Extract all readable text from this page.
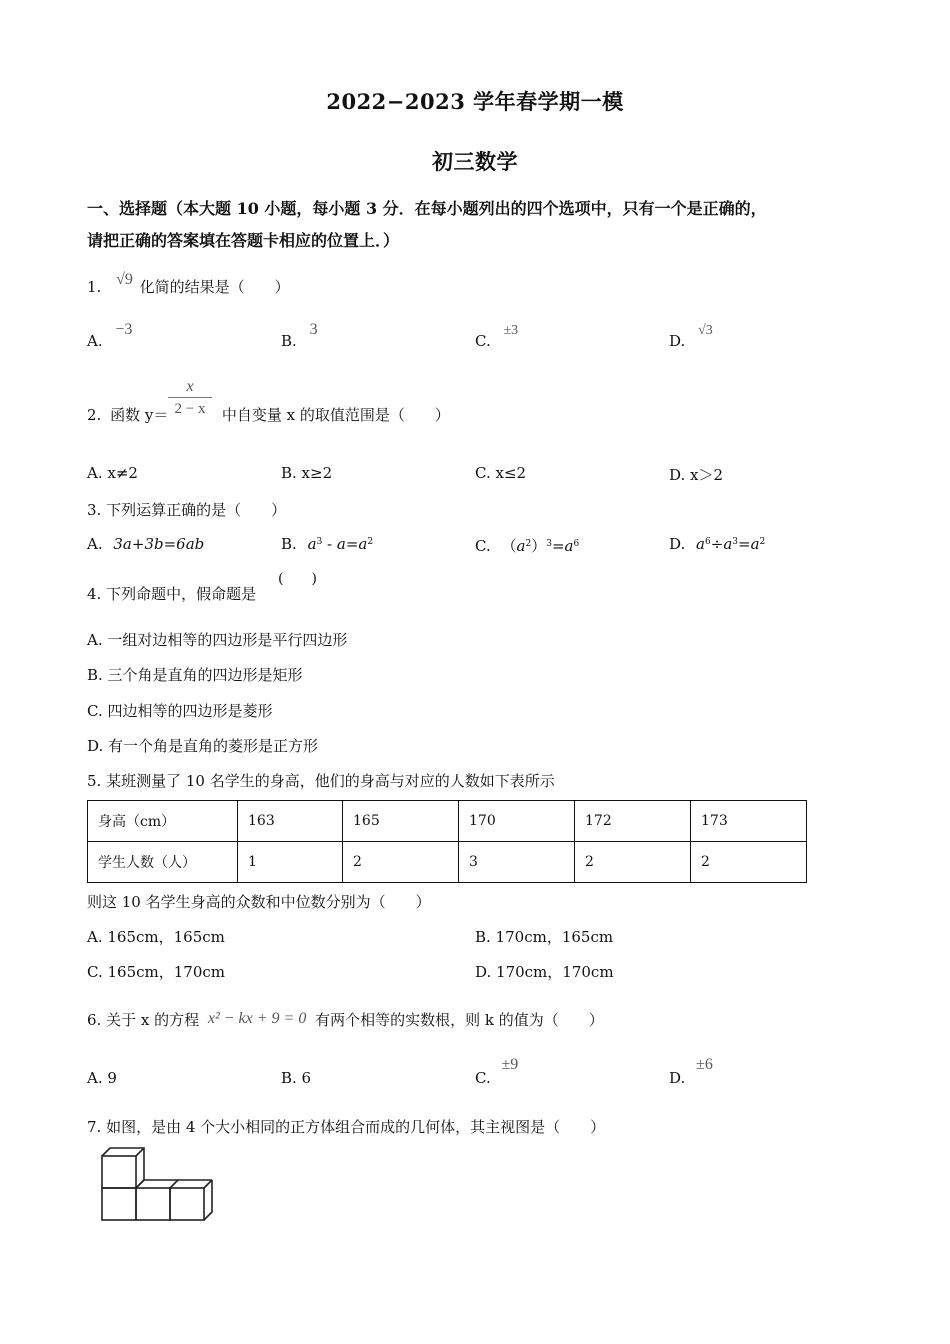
2022−2023 学年春学期一模
初三数学
一、选择题（本大题 10 小题，每小题 3 分．在每小题列出的四个选项中，只有一个是正确的，
请把正确的答案填在答题卡相应的位置上．）
1. √9 化简的结果是（　　）
A. −3
B. 3
C. ±3
D. √3
2. 函数 y＝	中自变量 x 的取值范围是（　　）
x
2 − x
A. x≠2	B. x≥2	C. x≤2	D. x＞2
3. 下列运算正确的是（　　）
A. 3a+3b=6ab	B. $a^3 - a=a^2$	C. $(a^2)^3=a^6$	D. $a^6\div a^3=a^2$
4. 下列命题中，假命题是
(　　)
A. 一组对边相等的四边形是平行四边形
B. 三个角是直角的四边形是矩形
C. 四边相等的四边形是菱形
D. 有一个角是直角的菱形是正方形
5. 某班测量了 10 名学生的身高，他们的身高与对应的人数如下表所示
身高（cm）	163	165	170	172	173
学生人数（人）	1	2	3	2	2
则这 10 名学生身高的众数和中位数分别为（　　）
A. 165cm，165cm	B. 170cm，165cm
C. 165cm，170cm	D. 170cm，170cm
6. 关于 x 的方程 x² − kx + 9 = 0 有两个相等的实数根，则 k 的值为（　　）
A. 9	B. 6	C. ±9
D. ±6
7. 如图，是由 4 个大小相同的正方体组合而成的几何体，其主视图是（　　）
